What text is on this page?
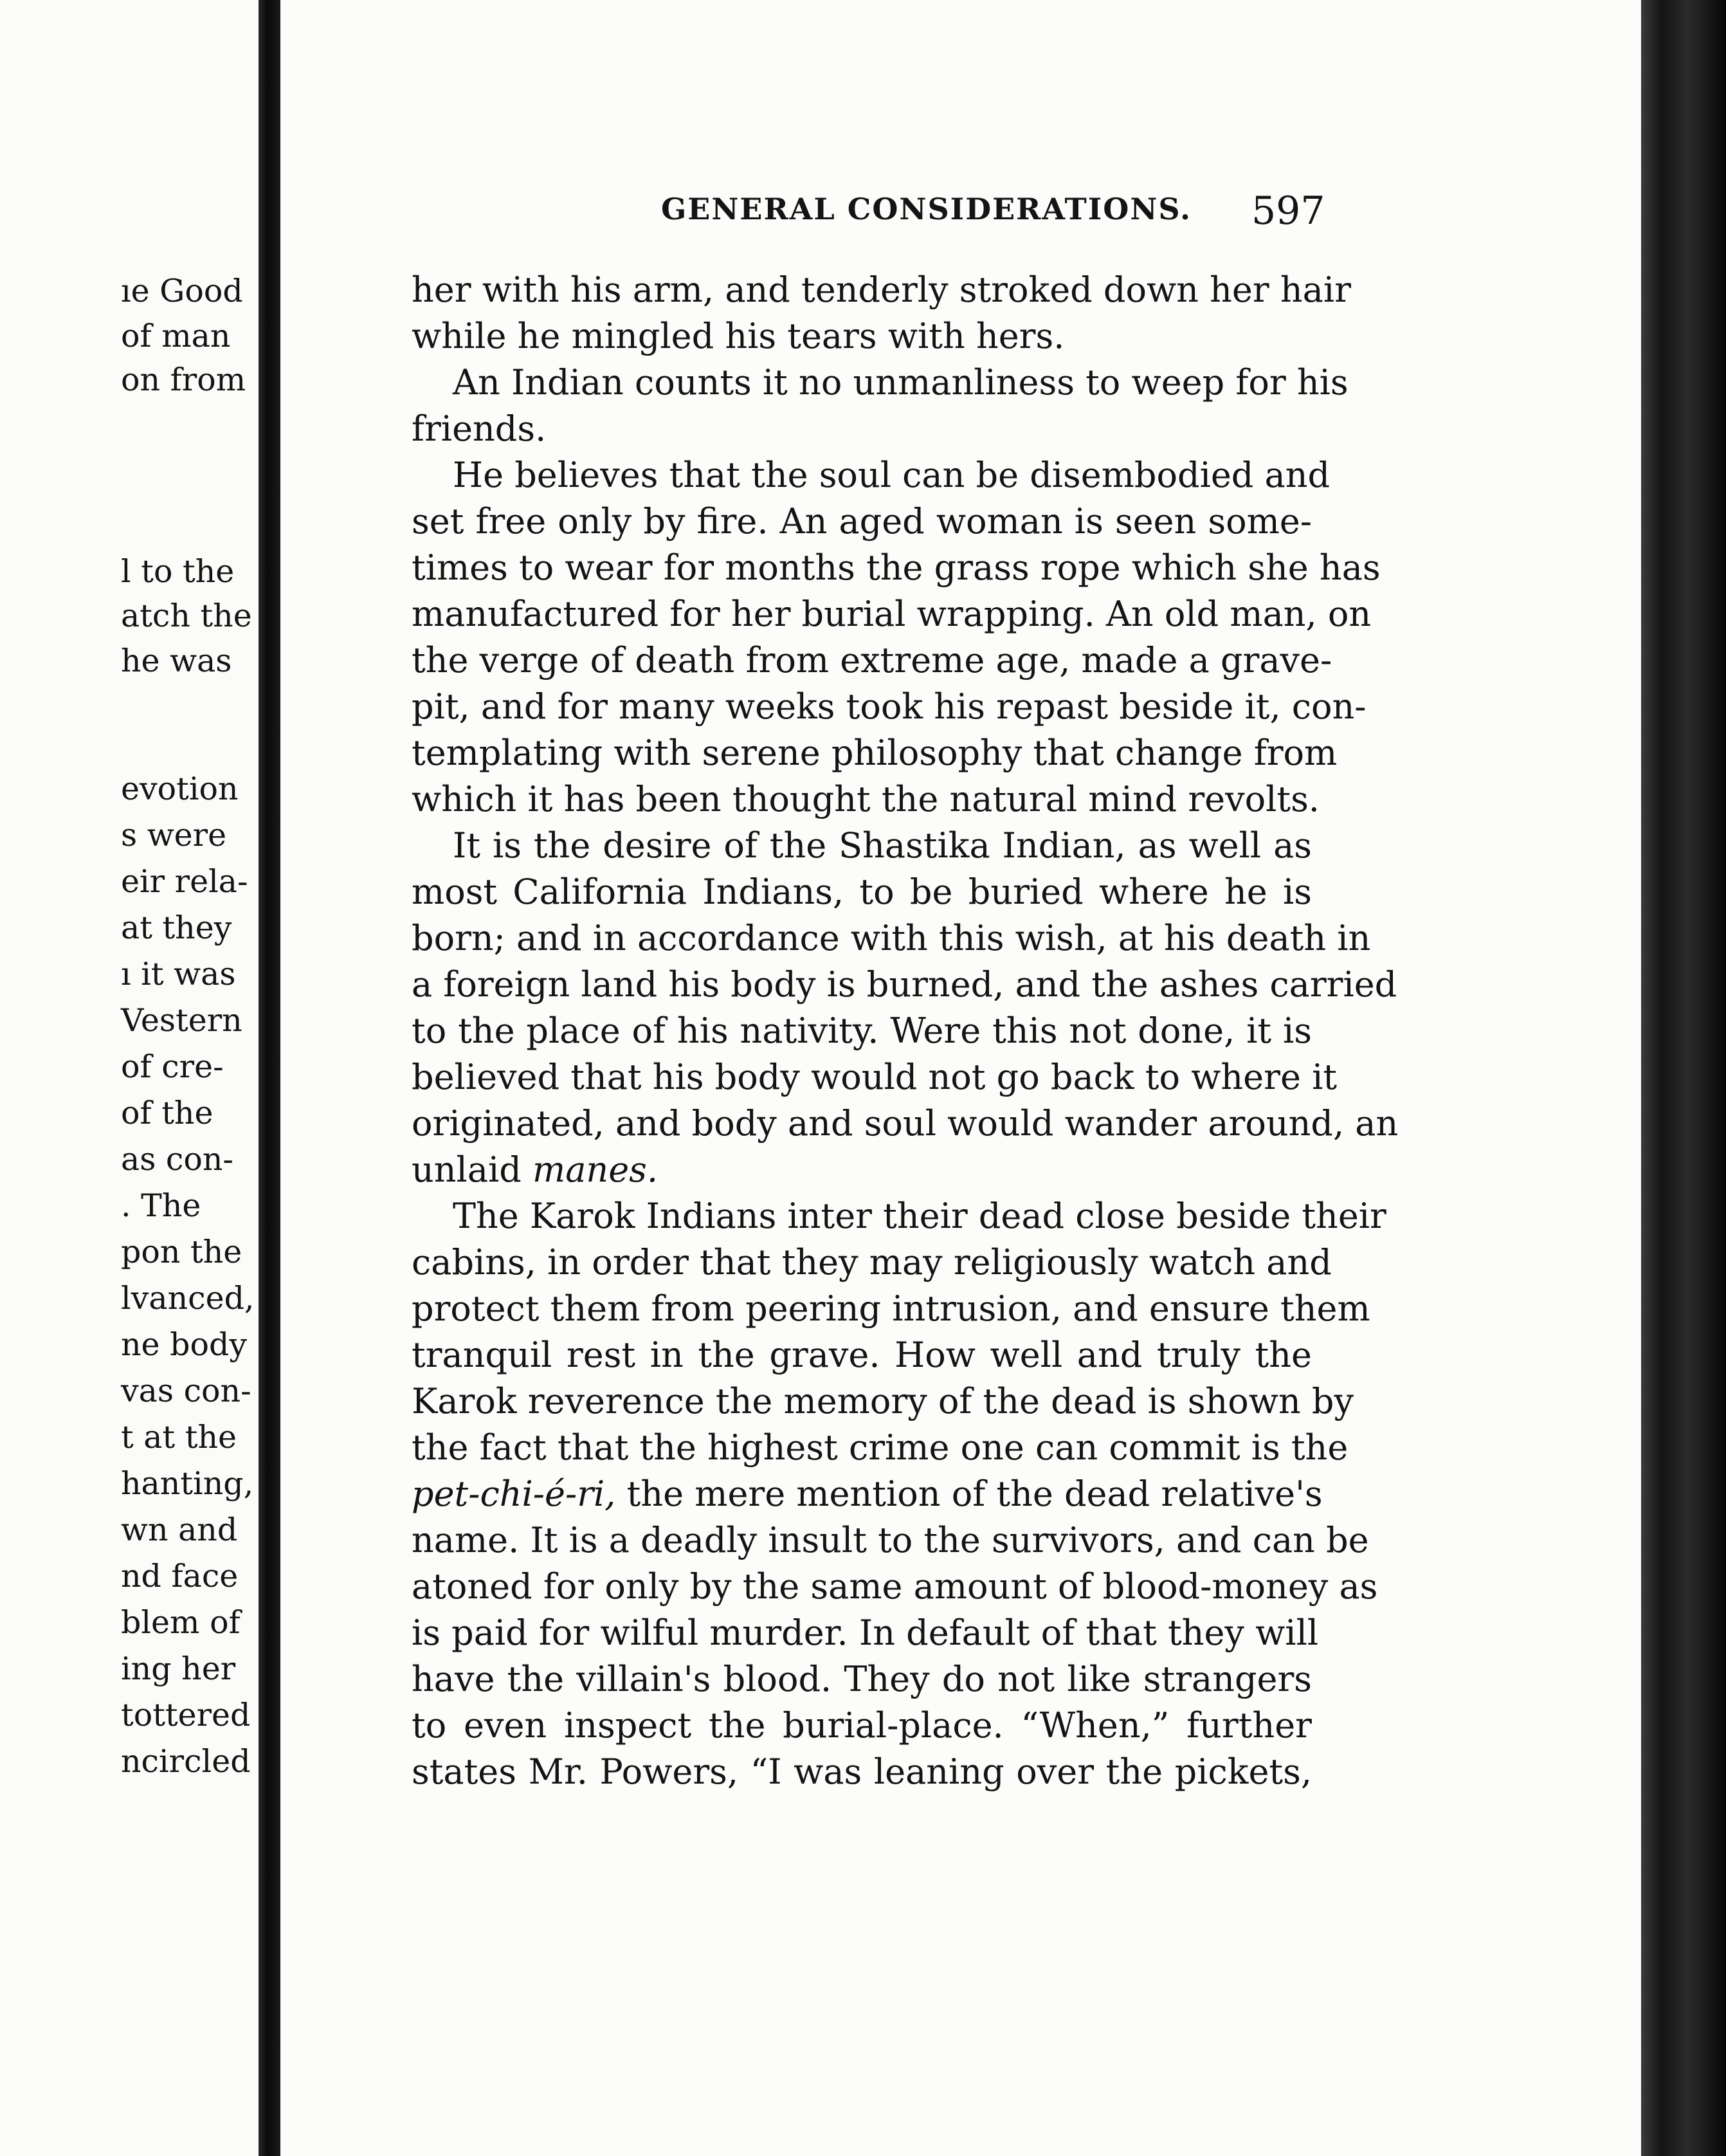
ıe Good
of man
on from
l to the
atch the
he was
evotion
s were
eir rela-
at they
ı it was
Vestern
of cre-
of the
as con-
. The
pon the
lvanced,
ne body
vas con-
t at the
hanting,
wn and
nd face
blem of
ing her
tottered
ncircled
GENERAL CONSIDERATIONS. 597
her with his arm, and tenderly stroked down her hair
while he mingled his tears with hers.
An Indian counts it no unmanliness to weep for his
friends.
He believes that the soul can be disembodied and
set free only by fire. An aged woman is seen some-
times to wear for months the grass rope which she has
manufactured for her burial wrapping. An old man, on
the verge of death from extreme age, made a grave-
pit, and for many weeks took his repast beside it, con-
templating with serene philosophy that change from
which it has been thought the natural mind revolts.
It is the desire of the Shastika Indian, as well as
most California Indians, to be buried where he is
born; and in accordance with this wish, at his death in
a foreign land his body is burned, and the ashes carried
to the place of his nativity. Were this not done, it is
believed that his body would not go back to where it
originated, and body and soul would wander around, an
unlaid manes.
The Karok Indians inter their dead close beside their
cabins, in order that they may religiously watch and
protect them from peering intrusion, and ensure them
tranquil rest in the grave. How well and truly the
Karok reverence the memory of the dead is shown by
the fact that the highest crime one can commit is the
pet-chi-é-ri, the mere mention of the dead relative's
name. It is a deadly insult to the survivors, and can be
atoned for only by the same amount of blood-money as
is paid for wilful murder. In default of that they will
have the villain's blood. They do not like strangers
to even inspect the burial-place. “When,” further
states Mr. Powers, “I was leaning over the pickets,
